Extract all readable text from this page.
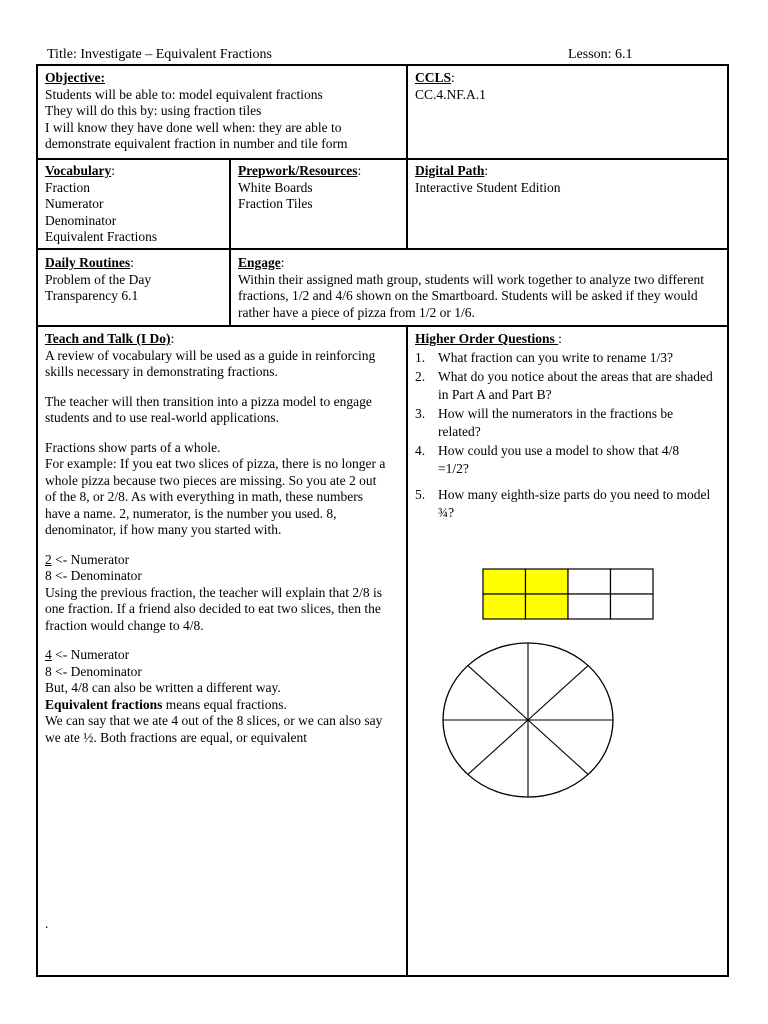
Title: Investigate – Equivalent Fractions	Lesson: 6.1

Objective:

Students will be able to: model equivalent fractions

They will do this by: using fraction tiles

I will know they have done well when: they are able to

demonstrate equivalent fraction in number and tile form

CCLS:

CC.4.NF.A.1

Vocabulary:

Fraction

Numerator

Denominator

Equivalent Fractions

Prepwork/Resources:

White Boards

Fraction Tiles

Digital Path:

Interactive Student Edition

Daily Routines:

Problem of the Day

Transparency 6.1

Engage:

Within their assigned math group, students will work together to analyze two different

fractions, 1/2 and 4/6 shown on the Smartboard. Students will be asked if they would

rather have a piece of pizza from 1/2 or 1/6.

Teach and Talk (I Do):

A review of vocabulary will be used as a guide in reinforcing

skills necessary in demonstrating fractions.

The teacher will then transition into a pizza model to engage

students and to use real-world applications.

Fractions show parts of a whole.

For example: If you eat two slices of pizza, there is no longer a

whole pizza because two pieces are missing. So you ate 2 out

of the 8, or 2/8. As with everything in math, these numbers

have a name. 2, numerator, is the number you used. 8,

denominator, if how many you started with.

2 <- Numerator

8 <- Denominator

Using the previous fraction, the teacher will explain that 2/8 is

one fraction. If a friend also decided to eat two slices, then the

fraction would change to 4/8.

4 <- Numerator

8 <- Denominator

But, 4/8 can also be written a different way.

Equivalent fractions means equal fractions.

We can say that we ate 4 out of the 8 slices, or we can also say

we ate ½. Both fractions are equal, or equivalent

.

Higher Order Questions :

1. What fraction can you write to rename 1/3?
2. What do you notice about the areas that are shaded
in Part A and Part B?
3. How will the numerators in the fractions be
related?
4. How could you use a model to show that 4/8
=1/2?
5. How many eighth-size parts do you need to model
¾?
